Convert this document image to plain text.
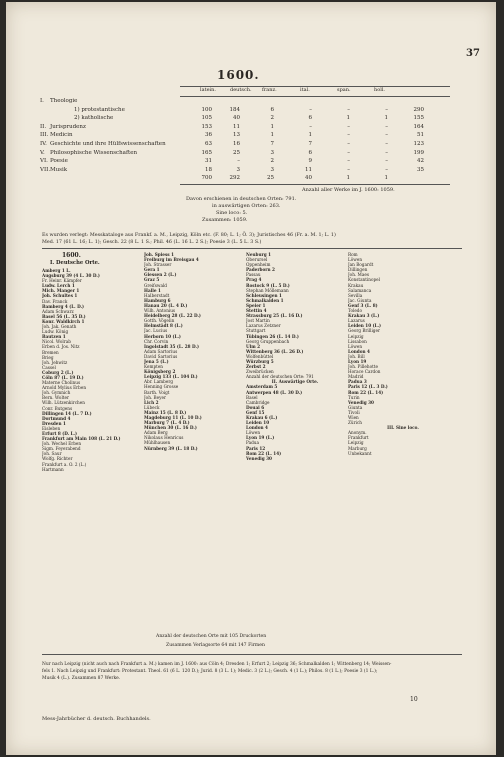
37
1600.
latein.	deutsch. franz.	ital.	span.	holl.
I. Theologie
1) protestantische	100	184	6	–	–	–	290
2) katholische	105	40	2	6	1	1	155
II. Jurisprudenz	153	11	1	–	–	–	164
III. Medicin	36	13	1	1	–	–	51
IV. Geschichte und ihre Hülfswissenschaften	63	16	7	7	–	–	123
V. Philosophische Wissenschaften	165	25	3	6	–	–	199
VI. Poesie	31	–	2	9	–	–	42
VII. Musik	18	3	3	11	–	–	35
700	292	25	40	1	1
Anzahl aller Werke im J. 1600: 1059.
Davon erschienen in deutschen Orten: 791.
in auswärtigen Orten: 263.
Sine loco: 5.
Zusammen: 1059.
Es wurden verlegt: Messkataloge aus Frankf. a. M., Leipzig, Köln etc. (F. 80; L. 1; Ö. 3); Juristisches 46 (Fr. a. M. 1; L. 1)
Med. 17 (61 L. 16; L. 1); Gesch. 22 (8 L. 1 S.; Phil. 46 (L. 16 L. 2 S.); Poesie 3 (L. 5 L. 3 S.)
1600.
I. Deutsche Orte.
Amberg 1 L.
Augsburg 39 (4 L. 30 D.)
Fr. Heinr. Kämpfer
Ludw. Lerch 1
Mich. Manger 1
Joh. Schultes 1
Dav. Franck
Bamberg 4 (L. D.)
Adam Schwarz
Basel 56 (L. 35 D.)
Konr. Waldkirch 1
Joh. Jak. Genath
Ludw. König
Bautzen 1
Nicol. Wolrab
Erben d. Jos. Nitz
Bremen
Brieg
Joh. Jehwitz
Cassel
Coburg 2 (L.)
Cöln 87 (L. 19 D.)
Materne Cholinus
Arnold Mylius Erben
Joh. Gymnich
Bern. Wolter
Wilh. Lützenkirchen
Conr. Butgens
Dillingen 14 (L. 7 D.)
Dortmund 4
Dresden 1
Eisleben
Erfurt 8 (D. L.)
Frankfurt am Main 108 (L. 21 D.)
Joh. Wechel Erben
Sigm. Feyerabend
Joh. Saur
Wolfg. Richter
Frankfurt a. O. 2 (L.)
Hartmann
Joh. Spiess 1
Freiburg im Breisgau 4
Joh. Strasser
Gera 1
Giessen 2 (L.)
Graz 5
Greifswald
Halle 1
Halberstadt
Hamburg 6
Hanau 20 (L. 4 D.)
Wilh. Antonius
Heidelberg 28 (L. 22 D.)
Gotth. Vögelin
Helmstädt 8 (L.)
Jac. Lucius
Herborn 10 (L.)
Chr. Corvin
Ingolstadt 35 (L. 28 D.)
Adam Sartorius
David Sartorius
Jena 5 (L.)
Kempten
Königsberg 2
Leipzig 133 (L. 104 D.)
Abr. Lamberg
Henning Grosse
Barth. Voigt
Joh. Beyer
Lich 2
Lübeck
Mainz 15 (L. 8 D.)
Magdeburg 11 (L. 10 D.)
Marburg 7 (L. 4 D.)
München 30 (L. 16 D.)
Adam Berg
Nikolaus Henricus
Mühlhausen
Nürnberg 39 (L. 18 D.)
Neuburg 1
Oberursel
Oppenheim
Paderborn 2
Passau
Prag 4
Rostock 9 (L. 5 D.)
Stephan Möllemann
Schleusingen 1
Schmalkalden 1
Speier 1
Stettin 4
Strassburg 25 (L. 16 D.)
Jost Martin
Lazarus Zetzner
Stuttgart
Tübingen 26 (L. 14 D.)
Georg Gruppenbach
Ulm 2
Wittenberg 36 (L. 26 D.)
Wolfenbüttel
Würzburg 5
Zerbst 2
Zweibrücken
Anzahl der deutschen Orte: 791
II. Auswärtige Orte.
Amsterdam 5
Antwerpen 48 (L. 30 D.)
Basel
Cambridge
Douai 6
Genf 15
Krakau 6 (L.)
Leiden 10
London 4
Löwen
Lyon 19 (L.)
Padua
Paris 12
Rom 22 (L. 14)
Venedig 30
Rom
Löwen
Jan Bogardt
Dillingen
Joh. Maes
Konstantinopel
Krakau
Salamanca
Sevilla
Jac. Giunta
Genf 3 (L. 8)
Toledo
Krakau 3 (L.)
Lazarus
Leiden 10 (L.)
Georg Brilliger
Leipzig
Lissabon
Löwen
London 4
Joh. Bill
Lyon 19
Joh. Pillehotte
Horace Cardon
Madrid
Padua 3
Paris 12 (L. 3 D.)
Rom 22 (L. 14)
Turin
Venedig 30
Giunta
Tivoli
Wien
Zürich
III. Sine loco.
Anonym.
Frankfurt
Leipzig
Marburg
Unbekannt
Anzahl der deutschen Orte mit 105 Druckorten
Zusammen Verlagsorte 64 mit 147 Firmen
Nur nach Leipzig (nicht auch nach Frankfurt a. M.) kamen im J. 1600: aus Cöln 4; Dresden 1; Erfurt 2; Leipzig 36; Schmalkalden 1; Wittenberg 14; Weissen-
fels 1. Nach Leipzig und Frankfurt: Protestant. Theol. 61 (6 L. 120 D.); Jurid. 8 (3 L. 1); Medic. 3 (2 L.); Gesch. 4 (1 L.); Philos. 8 (1 L.); Poesie 3 (1 L.);
Musik 4 (L.). Zusammen 87 Werke.
10
Mess-Jahrbücher d. deutsch. Buchhandels.
